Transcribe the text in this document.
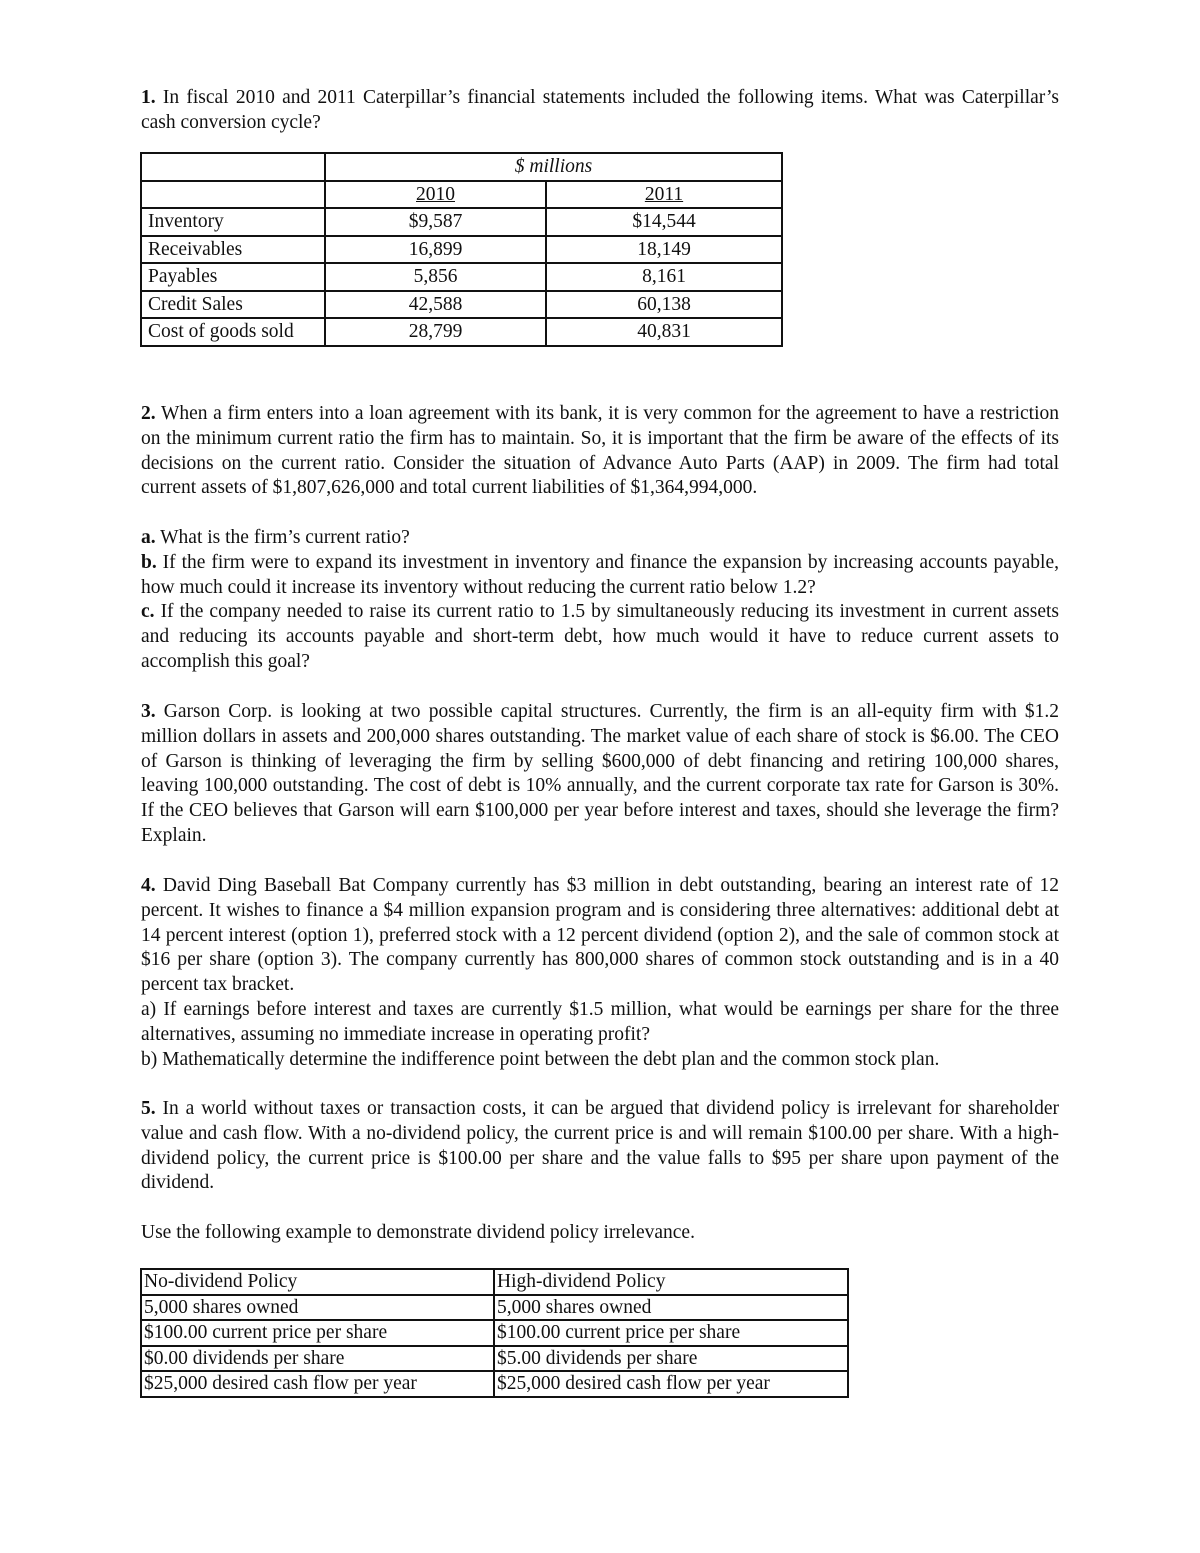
1. In fiscal 2010 and 2011 Caterpillar’s financial statements included the following items. What was Caterpillar’s cash conversion cycle?

	$ millions	
	2010	2011
Inventory	$9,587	$14,544
Receivables	16,899	18,149
Payables	5,856	8,161
Credit Sales	42,588	60,138
Cost of goods sold	28,799	40,831

2. When a firm enters into a loan agreement with its bank, it is very common for the agreement to have a restriction on the minimum current ratio the firm has to maintain. So, it is important that the firm be aware of the effects of its decisions on the current ratio. Consider the situation of Advance Auto Parts (AAP) in 2009. The firm had total current assets of $1,807,626,000 and total current liabilities of $1,364,994,000.

a. What is the firm’s current ratio?
b. If the firm were to expand its investment in inventory and finance the expansion by increasing accounts payable, how much could it increase its inventory without reducing the current ratio below 1.2?
c. If the company needed to raise its current ratio to 1.5 by simultaneously reducing its investment in current assets and reducing its accounts payable and short-term debt, how much would it have to reduce current assets to accomplish this goal?

3. Garson Corp. is looking at two possible capital structures. Currently, the firm is an all-equity firm with $1.2 million dollars in assets and 200,000 shares outstanding. The market value of each share of stock is $6.00. The CEO of Garson is thinking of leveraging the firm by selling $600,000 of debt financing and retiring 100,000 shares, leaving 100,000 outstanding. The cost of debt is 10% annually, and the current corporate tax rate for Garson is 30%. If the CEO believes that Garson will earn $100,000 per year before interest and taxes, should she leverage the firm? Explain.

4. David Ding Baseball Bat Company currently has $3 million in debt outstanding, bearing an interest rate of 12 percent. It wishes to finance a $4 million expansion program and is considering three alternatives: additional debt at 14 percent interest (option 1), preferred stock with a 12 percent dividend (option 2), and the sale of common stock at $16 per share (option 3). The company currently has 800,000 shares of common stock outstanding and is in a 40 percent tax bracket.
a) If earnings before interest and taxes are currently $1.5 million, what would be earnings per share for the three alternatives, assuming no immediate increase in operating profit?
b) Mathematically determine the indifference point between the debt plan and the common stock plan.

5. In a world without taxes or transaction costs, it can be argued that dividend policy is irrelevant for shareholder value and cash flow. With a no-dividend policy, the current price is and will remain $100.00 per share. With a high-dividend policy, the current price is $100.00 per share and the value falls to $95 per share upon payment of the dividend.

Use the following example to demonstrate dividend policy irrelevance.

No-dividend Policy	High-dividend Policy
5,000 shares owned	5,000 shares owned
$100.00 current price per share	$100.00 current price per share
$0.00 dividends per share	$5.00 dividends per share
$25,000 desired cash flow per year	$25,000 desired cash flow per year
